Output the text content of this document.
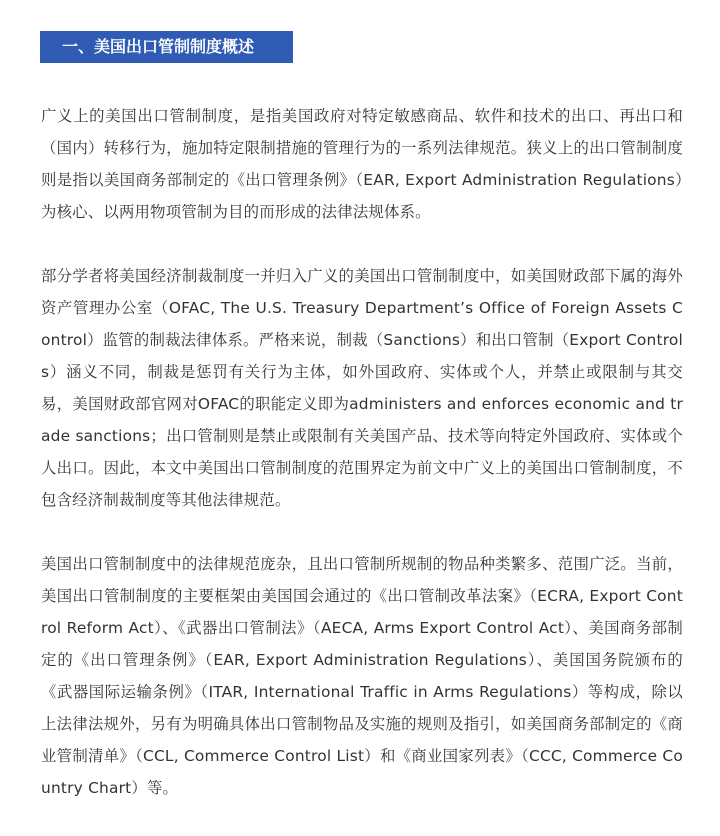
一、美国出口管制制度概述

广义上的美国出口管制制度，是指美国政府对特定敏感商品、软件和技术的出口、再出口和（国内）转移行为，施加特定限制措施的管理行为的一系列法律规范。狭义上的出口管制制度则是指以美国商务部制定的《出口管理条例》（EAR, Export Administration Regulations）为核心、以两用物项管制为目的而形成的法律法规体系。

部分学者将美国经济制裁制度一并归入广义的美国出口管制制度中，如美国财政部下属的海外资产管理办公室（OFAC, The U.S. Treasury Department’s Office of Foreign Assets Control）监管的制裁法律体系。严格来说，制裁（Sanctions）和出口管制（Export Controls）涵义不同，制裁是惩罚有关行为主体，如外国政府、实体或个人，并禁止或限制与其交易，美国财政部官网对OFAC的职能定义即为administers and enforces economic and trade sanctions；出口管制则是禁止或限制有关美国产品、技术等向特定外国政府、实体或个人出口。因此，本文中美国出口管制制度的范围界定为前文中广义上的美国出口管制制度，不包含经济制裁制度等其他法律规范。

美国出口管制制度中的法律规范庞杂，且出口管制所规制的物品种类繁多、范围广泛。当前，美国出口管制制度的主要框架由美国国会通过的《出口管制改革法案》（ECRA, Export Control Reform Act）、《武器出口管制法》（AECA, Arms Export Control Act）、美国商务部制定的《出口管理条例》（EAR, Export Administration Regulations）、美国国务院颁布的《武器国际运输条例》（ITAR, International Traffic in Arms Regulations）等构成，除以上法律法规外，另有为明确具体出口管制物品及实施的规则及指引，如美国商务部制定的《商业管制清单》（CCL, Commerce Control List）和《商业国家列表》（CCC, Commerce Country Chart）等。
